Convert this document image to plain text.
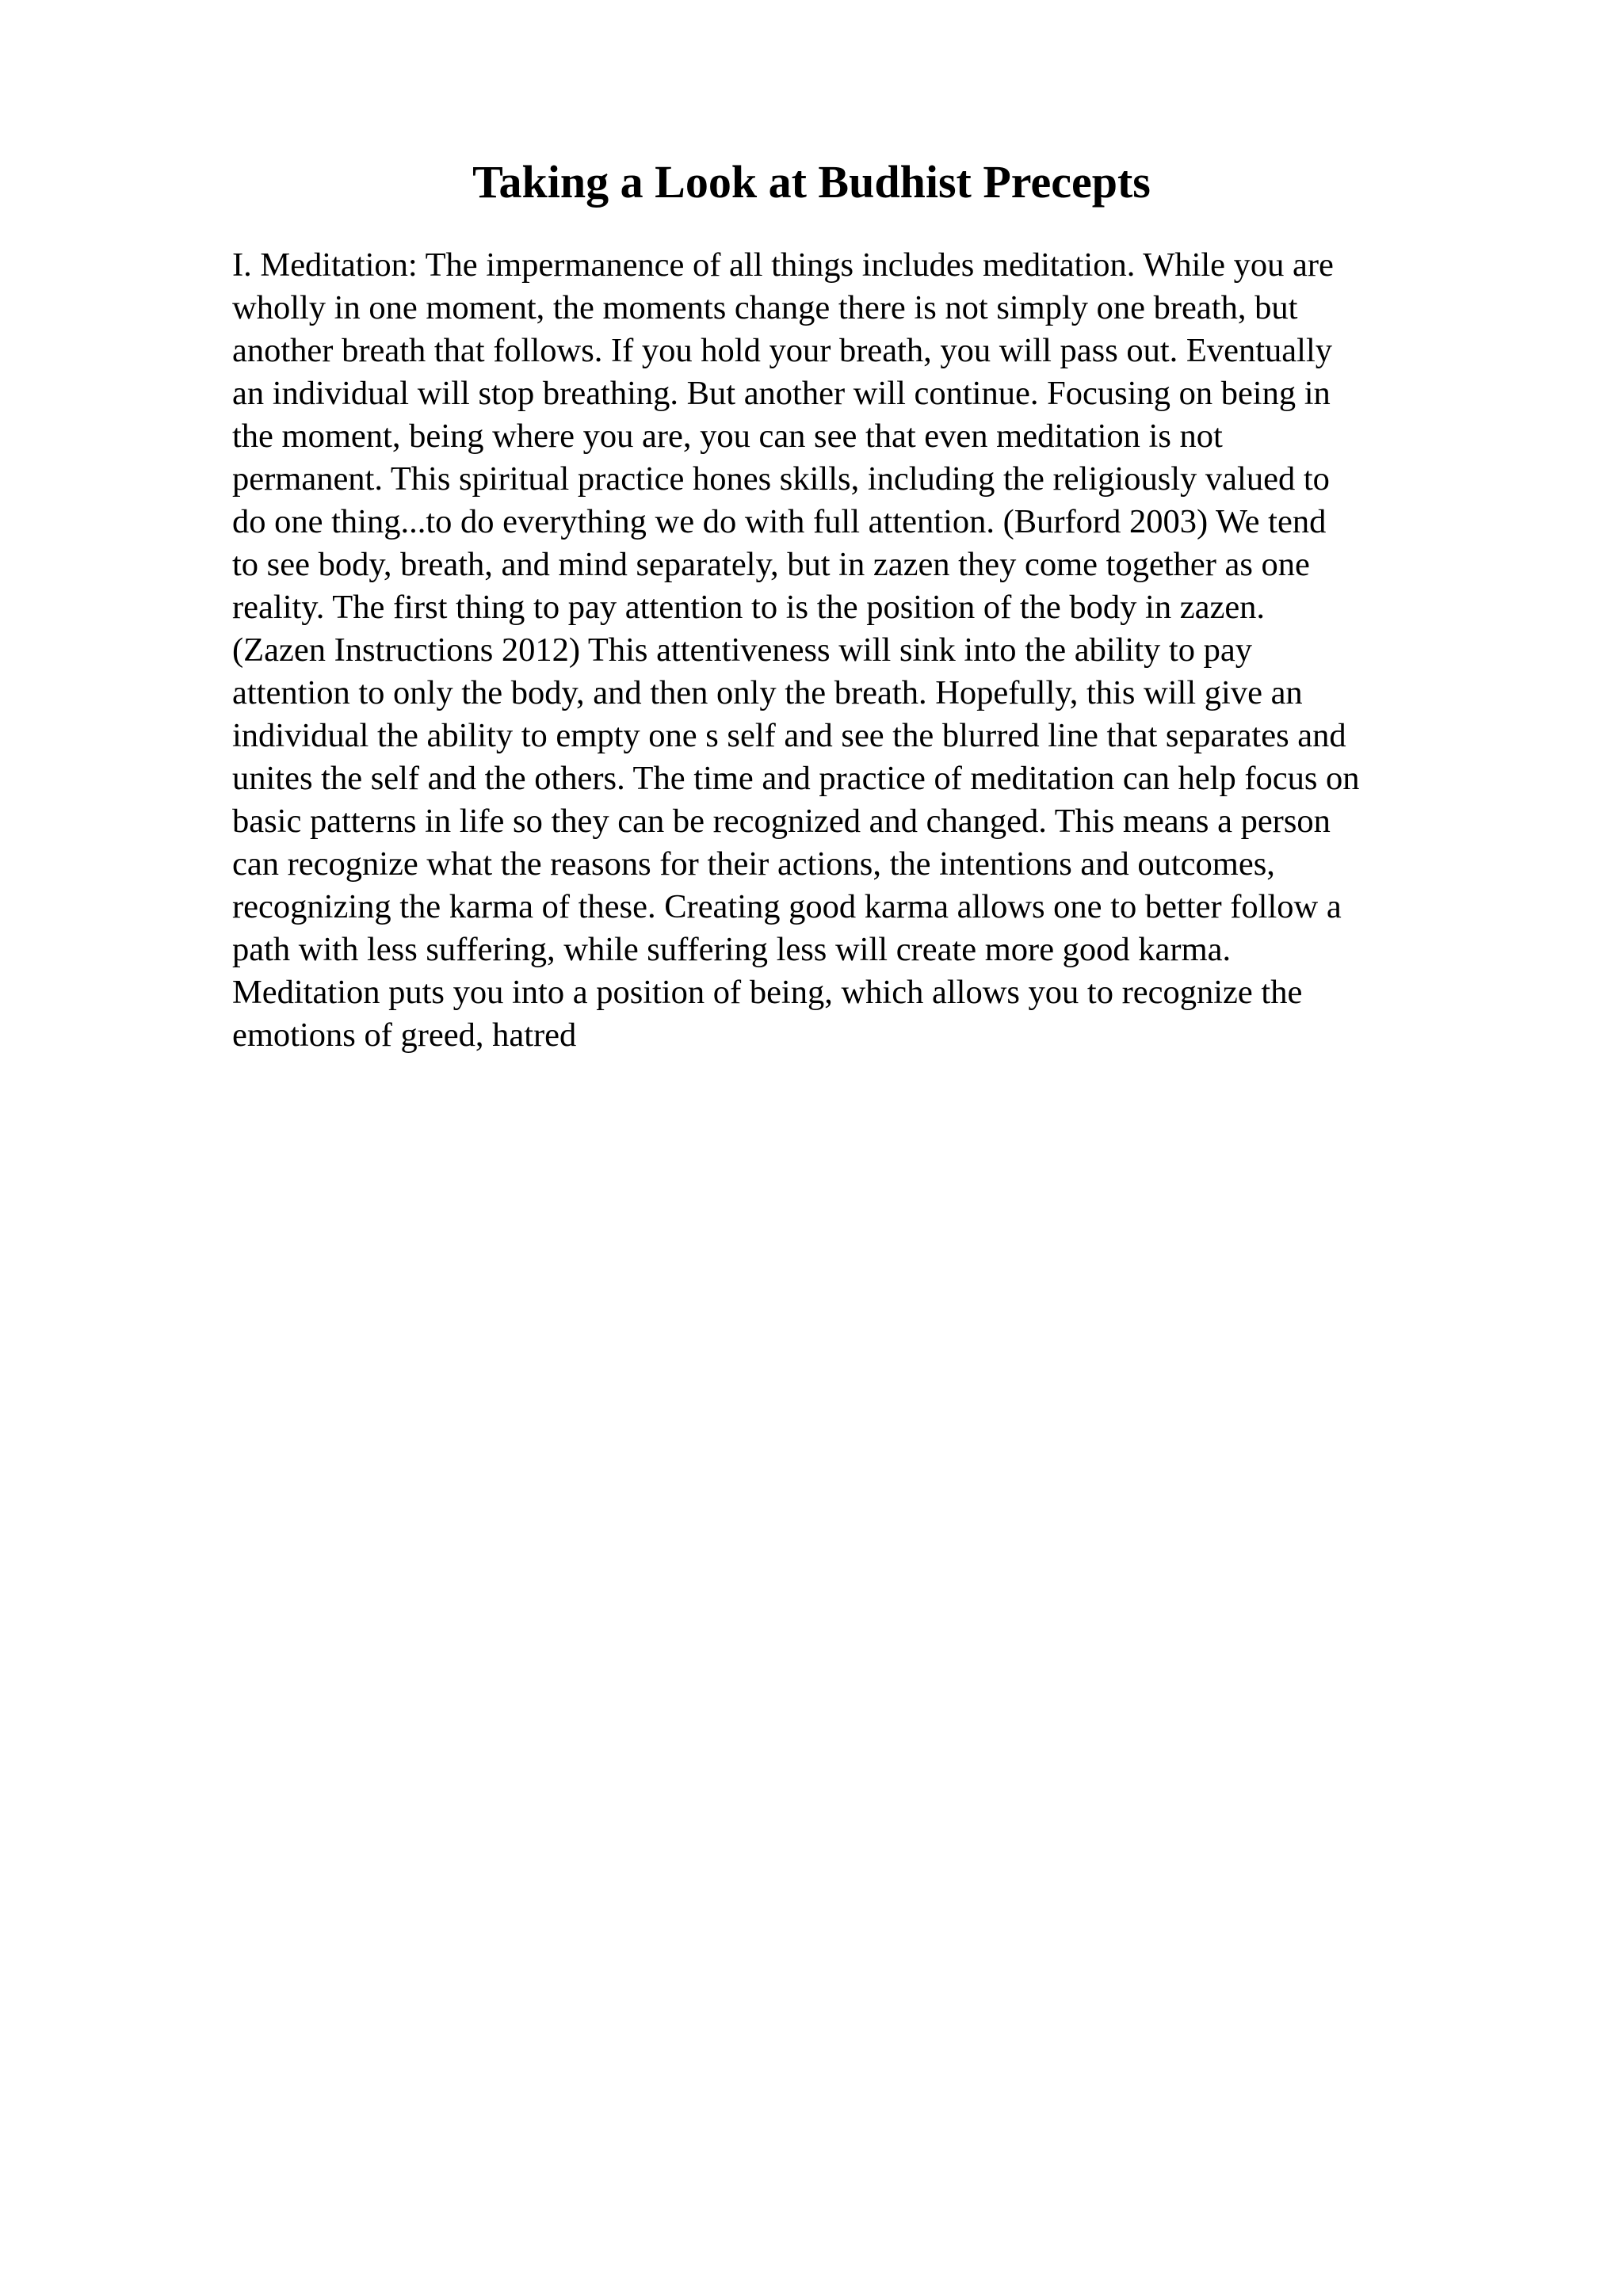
Taking a Look at Budhist Precepts
I. Meditation: The impermanence of all things includes meditation. While you are
wholly in one moment, the moments change there is not simply one breath, but
another breath that follows. If you hold your breath, you will pass out. Eventually
an individual will stop breathing. But another will continue. Focusing on being in
the moment, being where you are, you can see that even meditation is not
permanent. This spiritual practice hones skills, including the religiously valued to
do one thing...to do everything we do with full attention. (Burford 2003) We tend
to see body, breath, and mind separately, but in zazen they come together as one
reality. The first thing to pay attention to is the position of the body in zazen.
(Zazen Instructions 2012) This attentiveness will sink into the ability to pay
attention to only the body, and then only the breath. Hopefully, this will give an
individual the ability to empty one s self and see the blurred line that separates and
unites the self and the others. The time and practice of meditation can help focus on
basic patterns in life so they can be recognized and changed. This means a person
can recognize what the reasons for their actions, the intentions and outcomes,
recognizing the karma of these. Creating good karma allows one to better follow a
path with less suffering, while suffering less will create more good karma.
Meditation puts you into a position of being, which allows you to recognize the
emotions of greed, hatred
